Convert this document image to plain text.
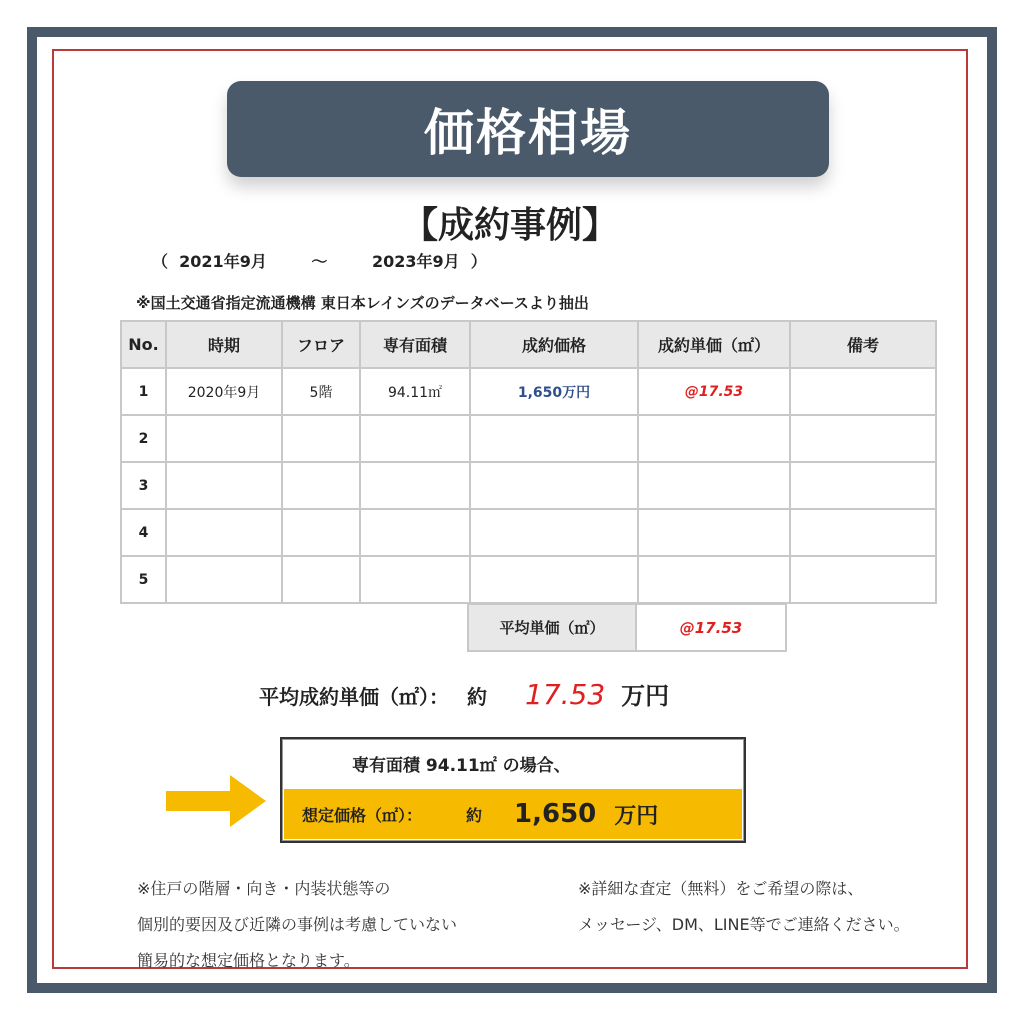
価格相場
【成約事例】
（ 2021年9月	～	2023年9月 ）
※国土交通省指定流通機構 東日本レインズのデータベースより抽出
No.	時期	フロア	専有面積	成約価格	成約単価（㎡）	備考
1	2020年9月	5階	94.11㎡	1,650万円	@17.53	
2						
3						
4						
5						
平均単価（㎡）	@17.53
平均成約単価（㎡）： 約 17.53 万円
専有面積 94.11㎡ の場合、
想定価格（㎡）：	約 1,650 万円
※住戸の階層・向き・内装状態等の
個別的要因及び近隣の事例は考慮していない
簡易的な想定価格となります。
※詳細な査定（無料）をご希望の際は、
メッセージ、DM、LINE等でご連絡ください。
